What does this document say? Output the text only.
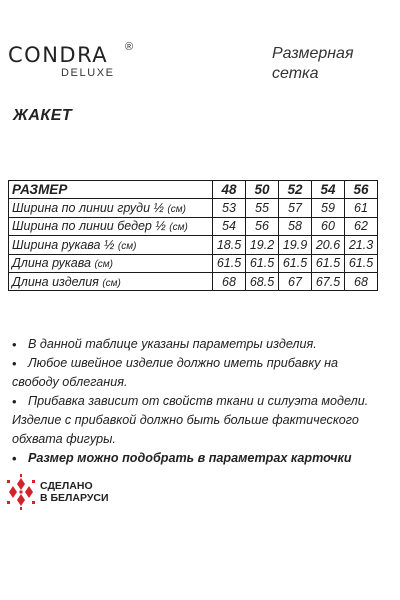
CONDRA	®
DELUXE
Размерная
сетка
ЖАКЕТ
РАЗМЕР	48	50	52	54	56
Ширина по линии груди ½ (см)	53	55	57	59	61
Ширина по линии бедер ½ (см)	54	56	58	60	62
Ширина рукава ½ (см)	18.5	19.2	19.9	20.6	21.3
Длина рукава (см)	61.5	61.5	61.5	61.5	61.5
Длина изделия (см)	68	68.5	67	67.5	68
• В данной таблице указаны параметры изделия.
• Любое швейное изделие должно иметь прибавку на
свободу облегания.
• Прибавка зависит от свойств ткани и силуэта модели.
Изделие с прибавкой должно быть больше фактического
обхвата фигуры.
• Размер можно подобрать в параметрах карточки
СДЕЛАНО
В БЕЛАРУСИ
